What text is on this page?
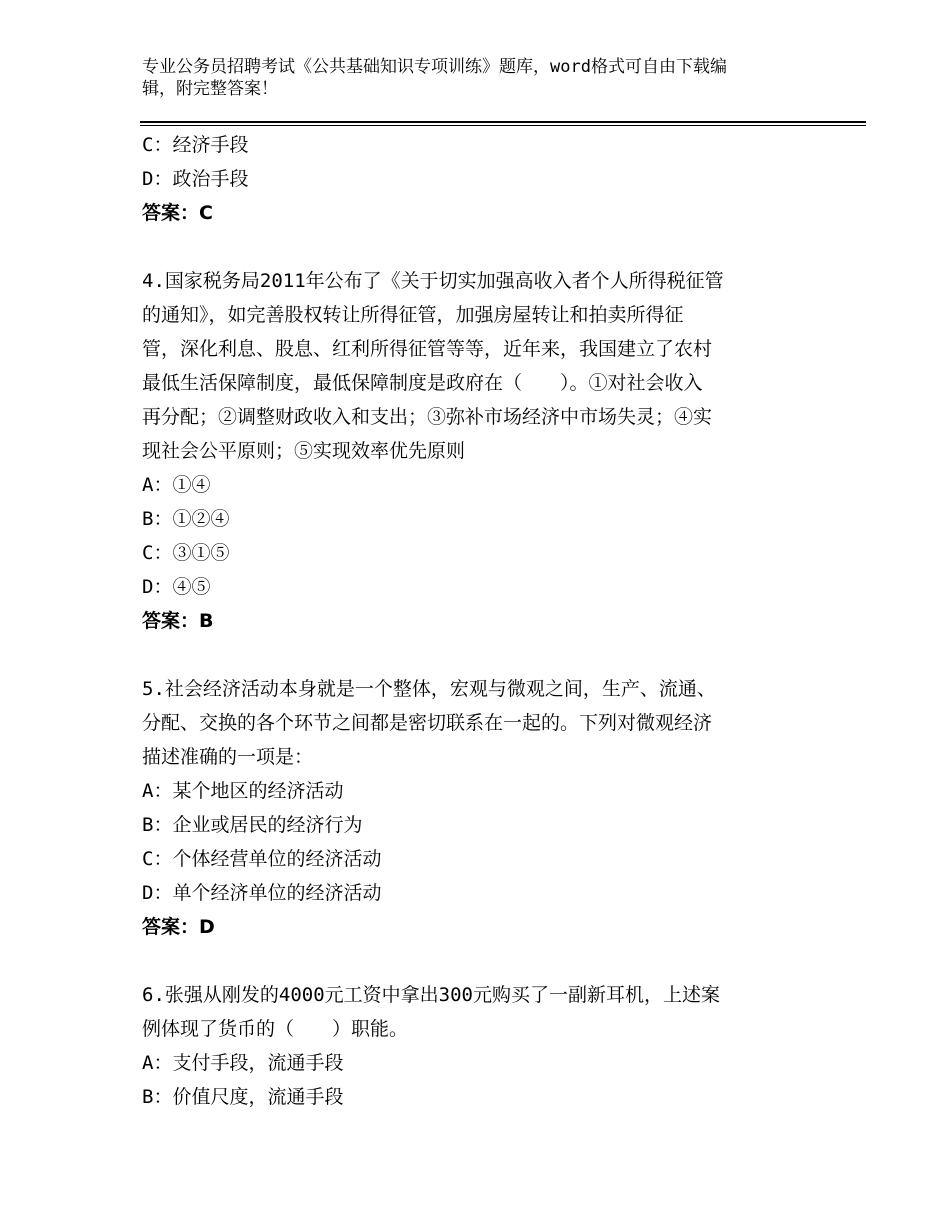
专业公务员招聘考试《公共基础知识专项训练》题库，word格式可自由下载编
辑，附完整答案！

C：经济手段

D：政治手段

答案：C

4.国家税务局2011年公布了《关于切实加强高收入者个人所得税征管

的通知》，如完善股权转让所得征管，加强房屋转让和拍卖所得征

管，深化利息、股息、红利所得征管等等，近年来，我国建立了农村

最低生活保障制度，最低保障制度是政府在（　　）。①对社会收入

再分配；②调整财政收入和支出；③弥补市场经济中市场失灵；④实

现社会公平原则；⑤实现效率优先原则

A：①④

B：①②④

C：③①⑤

D：④⑤

答案：B

5.社会经济活动本身就是一个整体，宏观与微观之间，生产、流通、

分配、交换的各个环节之间都是密切联系在一起的。下列对微观经济

描述准确的一项是：

A：某个地区的经济活动

B：企业或居民的经济行为

C：个体经营单位的经济活动

D：单个经济单位的经济活动

答案：D

6.张强从刚发的4000元工资中拿出300元购买了一副新耳机，上述案

例体现了货币的（　　）职能。

A：支付手段，流通手段

B：价值尺度，流通手段
